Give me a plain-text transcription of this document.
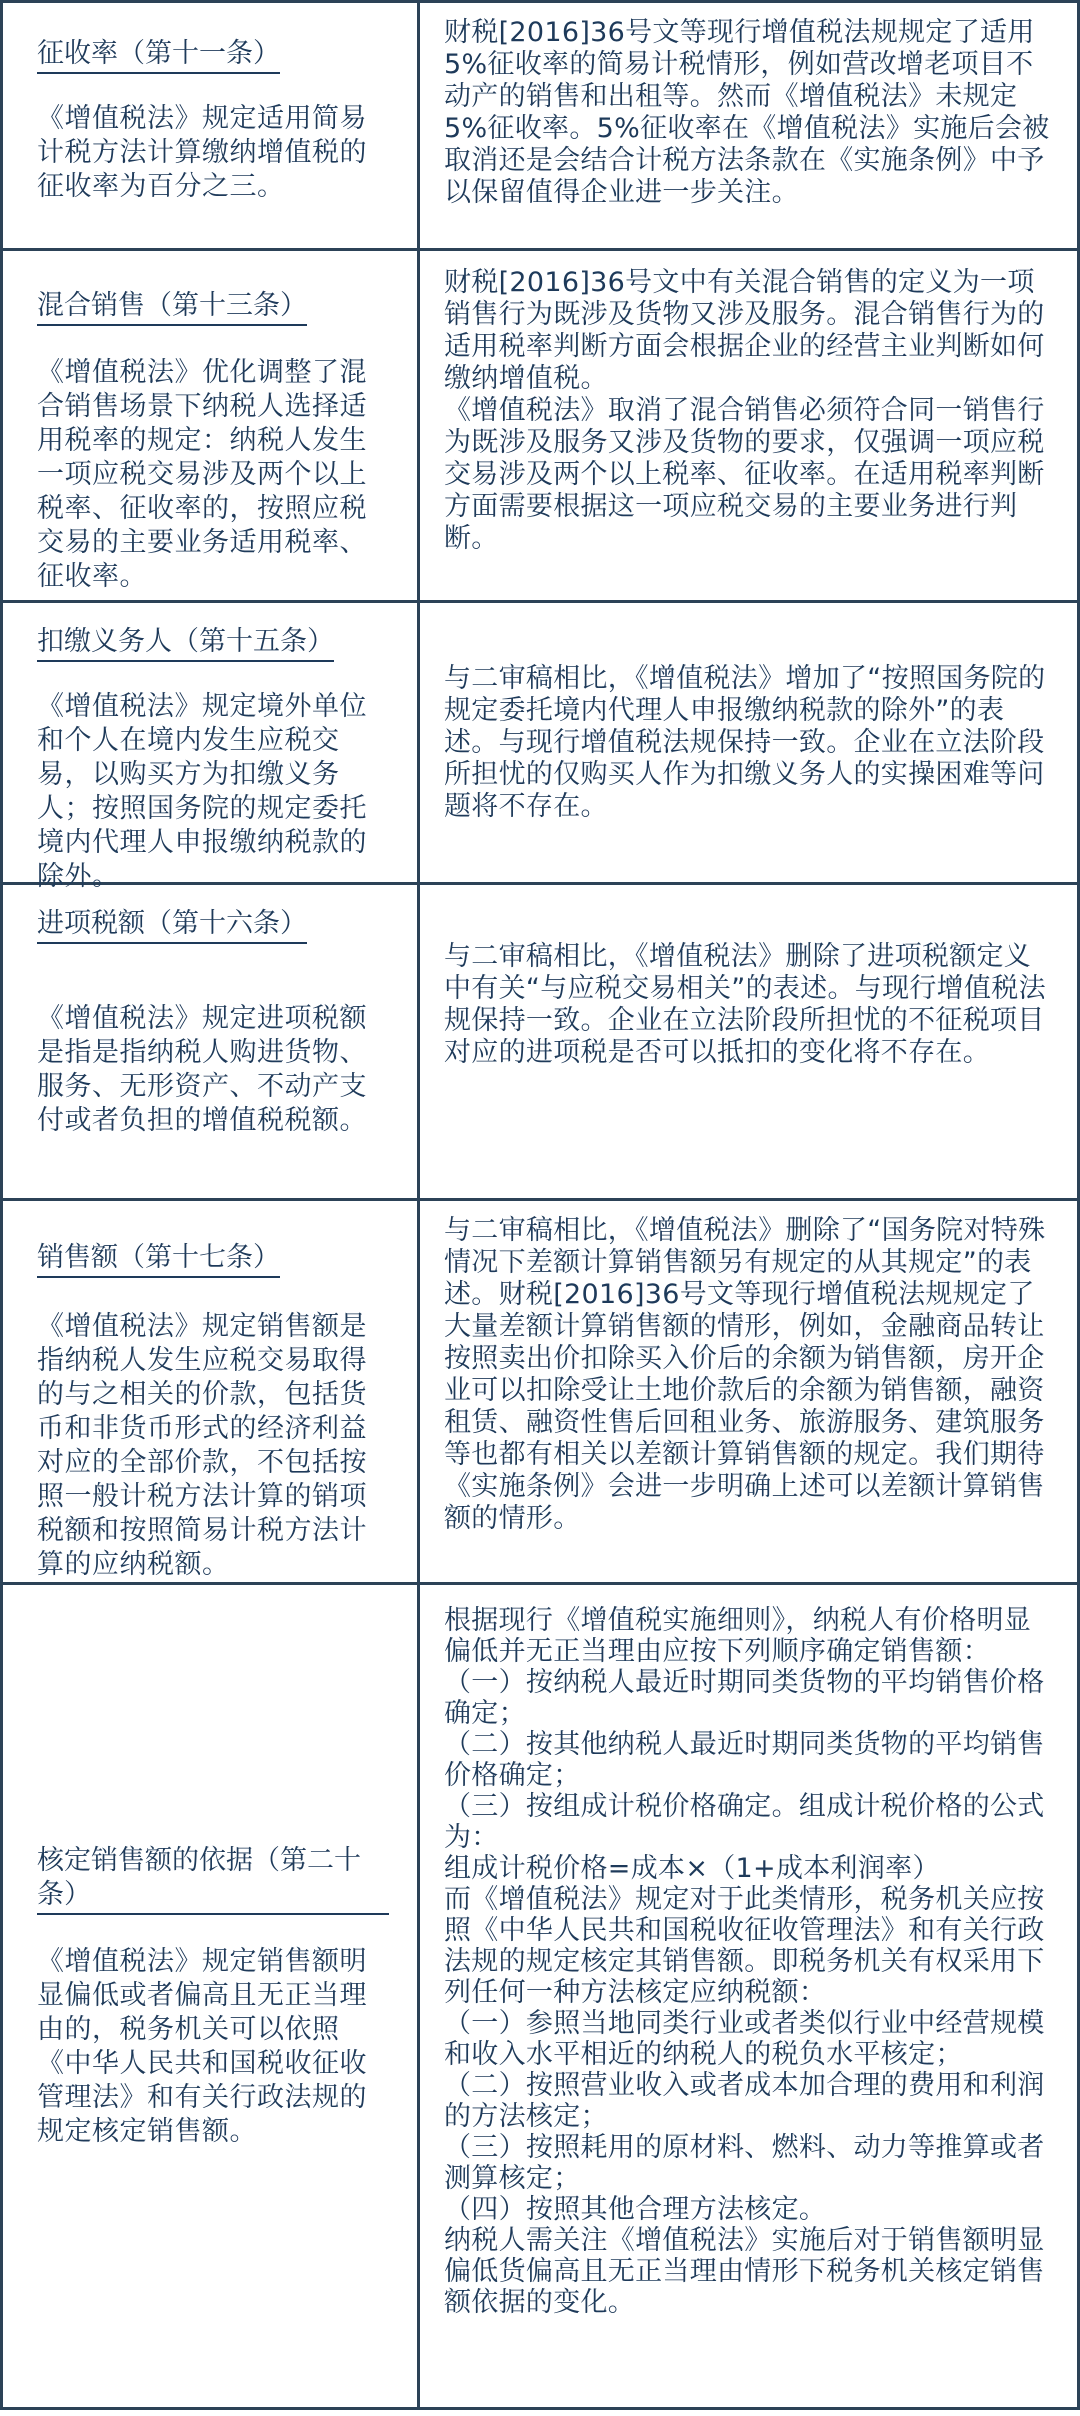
征收率（第十一条）
《增值税法》规定适用简易计税方法计算缴纳增值税的征收率为百分之三。

财税[2016]36号文等现行增值税法规规定了适用5%征收率的简易计税情形，例如营改增老项目不动产的销售和出租等。然而《增值税法》未规定5%征收率。5%征收率在《增值税法》实施后会被取消还是会结合计税方法条款在《实施条例》中予以保留值得企业进一步关注。

混合销售（第十三条）
《增值税法》优化调整了混合销售场景下纳税人选择适用税率的规定：纳税人发生一项应税交易涉及两个以上税率、征收率的，按照应税交易的主要业务适用税率、征收率。

财税[2016]36号文中有关混合销售的定义为一项销售行为既涉及货物又涉及服务。混合销售行为的适用税率判断方面会根据企业的经营主业判断如何缴纳增值税。

《增值税法》取消了混合销售必须符合同一销售行为既涉及服务又涉及货物的要求，仅强调一项应税交易涉及两个以上税率、征收率。在适用税率判断方面需要根据这一项应税交易的主要业务进行判断。

扣缴义务人（第十五条）
《增值税法》规定境外单位和个人在境内发生应税交易，以购买方为扣缴义务人；按照国务院的规定委托境内代理人申报缴纳税款的除外。

与二审稿相比，《增值税法》增加了“按照国务院的规定委托境内代理人申报缴纳税款的除外”的表述。与现行增值税法规保持一致。企业在立法阶段所担忧的仅购买人作为扣缴义务人的实操困难等问题将不存在。

进项税额（第十六条）
《增值税法》规定进项税额是指是指纳税人购进货物、服务、无形资产、不动产支付或者负担的增值税税额。

与二审稿相比，《增值税法》删除了进项税额定义中有关“与应税交易相关”的表述。与现行增值税法规保持一致。企业在立法阶段所担忧的不征税项目对应的进项税是否可以抵扣的变化将不存在。

销售额（第十七条）
《增值税法》规定销售额是指纳税人发生应税交易取得的与之相关的价款，包括货币和非货币形式的经济利益对应的全部价款，不包括按照一般计税方法计算的销项税额和按照简易计税方法计算的应纳税额。

与二审稿相比，《增值税法》删除了“国务院对特殊情况下差额计算销售额另有规定的从其规定”的表述。财税[2016]36号文等现行增值税法规规定了大量差额计算销售额的情形，例如，金融商品转让按照卖出价扣除买入价后的余额为销售额，房开企业可以扣除受让土地价款后的余额为销售额，融资租赁、融资性售后回租业务、旅游服务、建筑服务等也都有相关以差额计算销售额的规定。我们期待《实施条例》会进一步明确上述可以差额计算销售额的情形。

核定销售额的依据（第二十条）
《增值税法》规定销售额明显偏低或者偏高且无正当理由的，税务机关可以依照《中华人民共和国税收征收管理法》和有关行政法规的规定核定销售额。

根据现行《增值税实施细则》，纳税人有价格明显偏低并无正当理由应按下列顺序确定销售额：

（一）按纳税人最近时期同类货物的平均销售价格确定；

（二）按其他纳税人最近时期同类货物的平均销售价格确定；

（三）按组成计税价格确定。组成计税价格的公式为：

组成计税价格=成本×（1+成本利润率）

而《增值税法》规定对于此类情形，税务机关应按照《中华人民共和国税收征收管理法》和有关行政法规的规定核定其销售额。即税务机关有权采用下列任何一种方法核定应纳税额：

（一）参照当地同类行业或者类似行业中经营规模和收入水平相近的纳税人的税负水平核定；

（二）按照营业收入或者成本加合理的费用和利润的方法核定；

（三）按照耗用的原材料、燃料、动力等推算或者测算核定；

（四）按照其他合理方法核定。

纳税人需关注《增值税法》实施后对于销售额明显偏低货偏高且无正当理由情形下税务机关核定销售额依据的变化。
